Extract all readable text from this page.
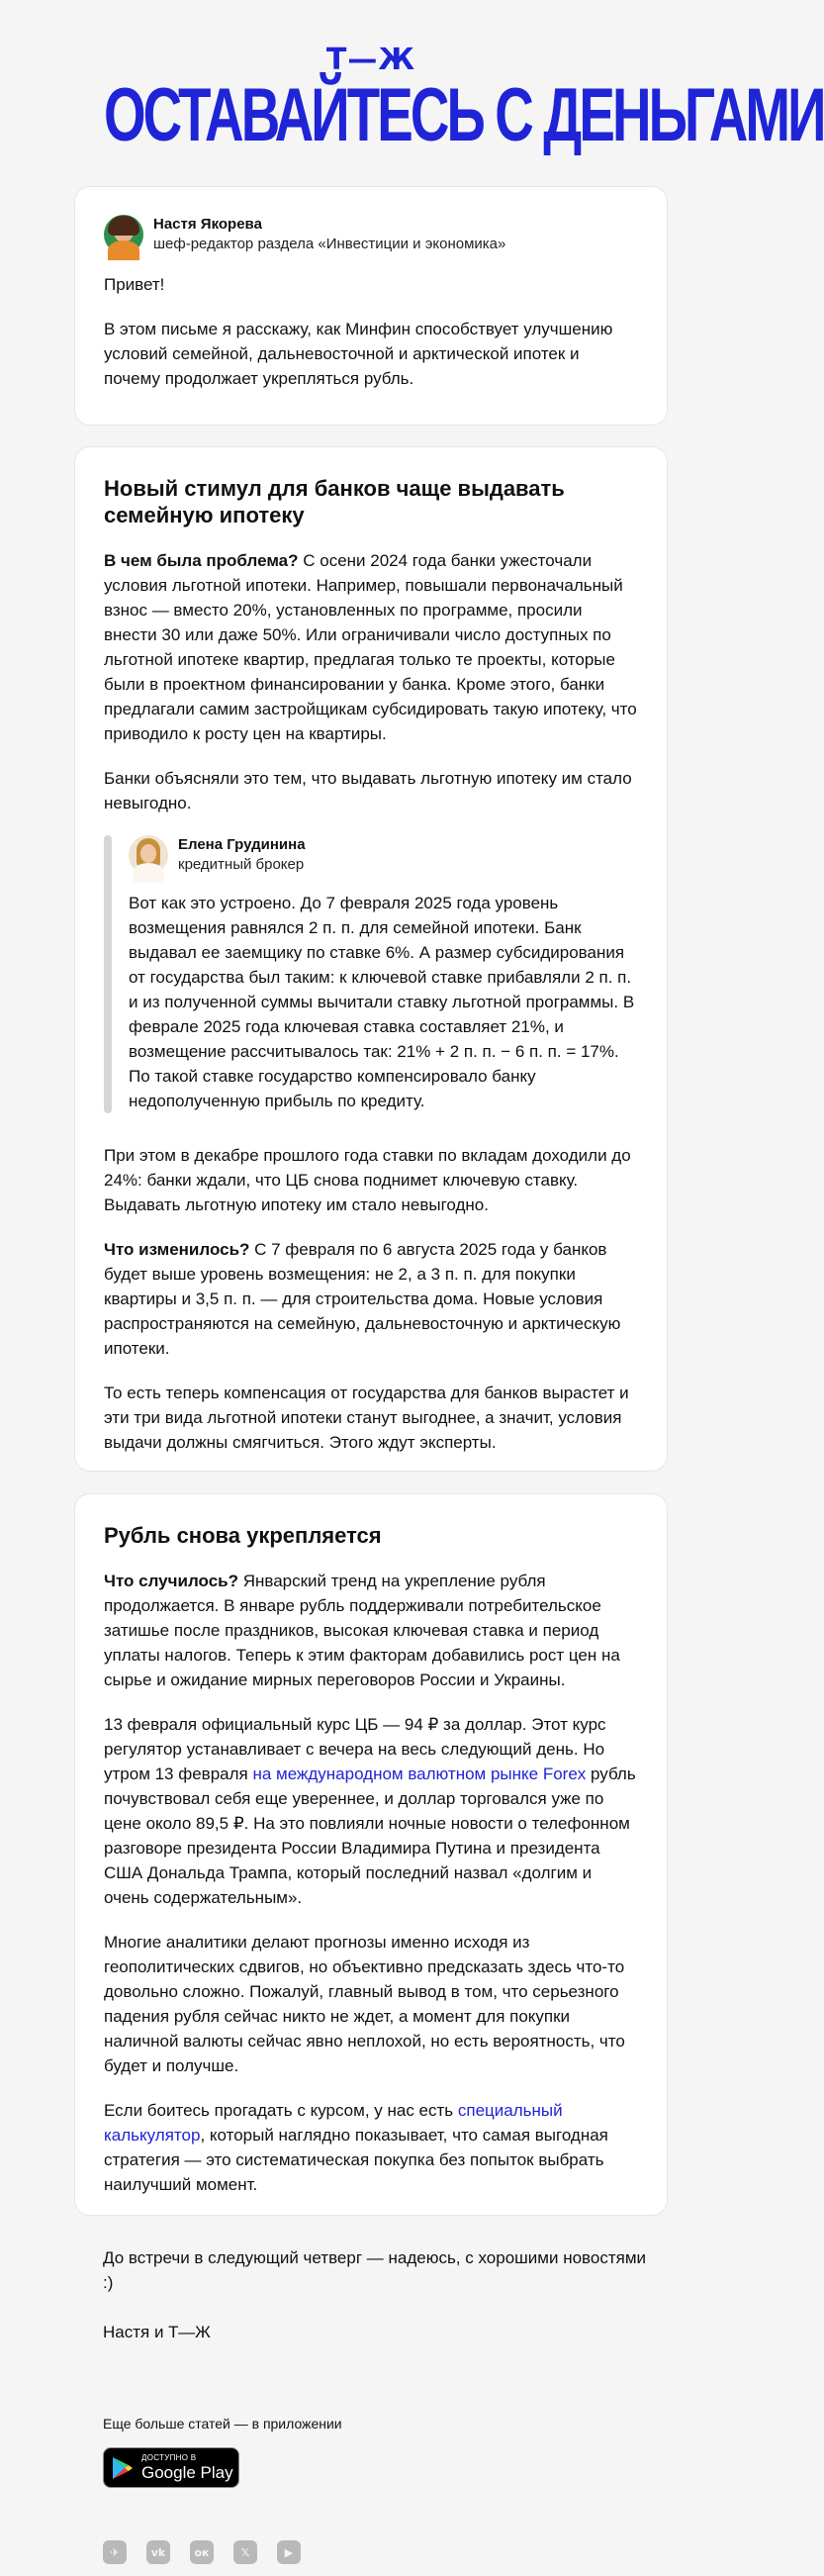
Т—Ж
ОСТАВАЙТЕСЬ С ДЕНЬГАМИ
Настя Якорева
шеф-редактор раздела «Инвестиции и экономика»
Привет!
В этом письме я расскажу, как Минфин способствует улучшению условий семейной, дальневосточной и арктической ипотек и почему продолжает укрепляться рубль.
Новый стимул для банков чаще выдавать семейную ипотеку
В чем была проблема? С осени 2024 года банки ужесточали условия льготной ипотеки. Например, повышали первоначальный взнос — вместо 20%, установленных по программе, просили внести 30 или даже 50%. Или ограничивали число доступных по льготной ипотеке квартир, предлагая только те проекты, которые были в проектном финансировании у банка. Кроме этого, банки предлагали самим застройщикам субсидировать такую ипотеку, что приводило к росту цен на квартиры.
Банки объясняли это тем, что выдавать льготную ипотеку им стало невыгодно.
Елена Грудинина
кредитный брокер
Вот как это устроено. До 7 февраля 2025 года уровень возмещения равнялся 2 п. п. для семейной ипотеки. Банк выдавал ее заемщику по ставке 6%. А размер субсидирования от государства был таким: к ключевой ставке прибавляли 2 п. п. и из полученной суммы вычитали ставку льготной программы. В феврале 2025 года ключевая ставка составляет 21%, и возмещение рассчитывалось так: 21% + 2 п. п. − 6 п. п. = 17%. По такой ставке государство компенсировало банку недополученную прибыль по кредиту.
При этом в декабре прошлого года ставки по вкладам доходили до 24%: банки ждали, что ЦБ снова поднимет ключевую ставку. Выдавать льготную ипотеку им стало невыгодно.
Что изменилось? С 7 февраля по 6 августа 2025 года у банков будет выше уровень возмещения: не 2, а 3 п. п. для покупки квартиры и 3,5 п. п. — для строительства дома. Новые условия распространяются на семейную, дальневосточную и арктическую ипотеки.
То есть теперь компенсация от государства для банков вырастет и эти три вида льготной ипотеки станут выгоднее, а значит, условия выдачи должны смягчиться. Этого ждут эксперты.
Рубль снова укрепляется
Что случилось? Январский тренд на укрепление рубля продолжается. В январе рубль поддерживали потребительское затишье после праздников, высокая ключевая ставка и период уплаты налогов. Теперь к этим факторам добавились рост цен на сырье и ожидание мирных переговоров России и Украины.
13 февраля официальный курс ЦБ — 94 ₽ за доллар. Этот курс регулятор устанавливает с вечера на весь следующий день. Но утром 13 февраля на международном валютном рынке Forex рубль почувствовал себя еще увереннее, и доллар торговался уже по цене около 89,5 ₽. На это повлияли ночные новости о телефонном разговоре президента России Владимира Путина и президента США Дональда Трампа, который последний назвал «долгим и очень содержательным».
Многие аналитики делают прогнозы именно исходя из геополитических сдвигов, но объективно предсказать здесь что-то довольно сложно. Пожалуй, главный вывод в том, что серьезного падения рубля сейчас никто не ждет, а момент для покупки наличной валюты сейчас явно неплохой, но есть вероятность, что будет и получше.
Если боитесь прогадать с курсом, у нас есть специальный калькулятор, который наглядно показывает, что самая выгодная стратегия — это систематическая покупка без попыток выбрать наилучший момент.
До встречи в следующий четверг — надеюсь, с хорошими новостями :)
Настя и Т—Ж
Еще больше статей — в приложении
ДОСТУПНО В
Google Play
✈	vk	ок	𝕏	▶
